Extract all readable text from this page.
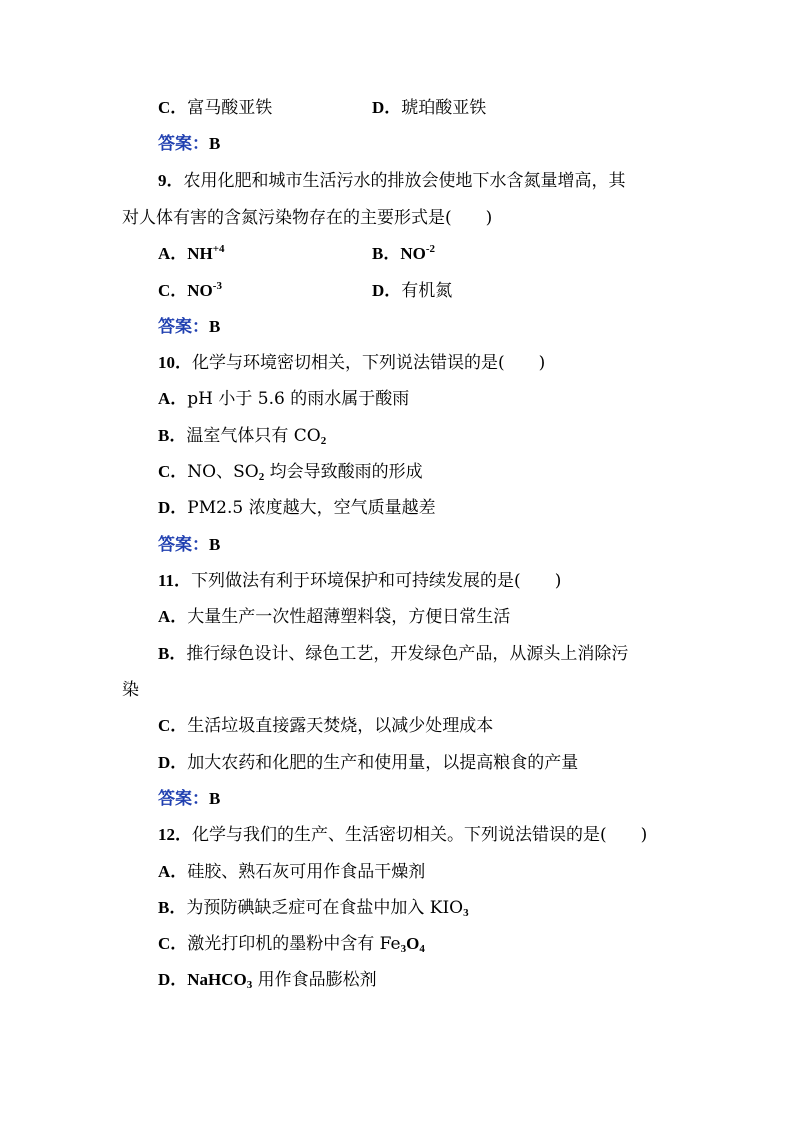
C．富马酸亚铁	D．琥珀酸亚铁
答案：B
9．农用化肥和城市生活污水的排放会使地下水含氮量增高，其
对人体有害的含氮污染物存在的主要形式是(　　)
A．$NH^{+4}$	B．$NO^{-2}$
C．$NO^{-3}$	D．有机氮
答案：B
10．化学与环境密切相关，下列说法错误的是(　　)
A．pH 小于 5.6 的雨水属于酸雨
B．温室气体只有 $CO_2$
C．NO、$SO_2$ 均会导致酸雨的形成
D．PM2.5 浓度越大，空气质量越差
答案：B
11．下列做法有利于环境保护和可持续发展的是(　　)
A．大量生产一次性超薄塑料袋，方便日常生活
B．推行绿色设计、绿色工艺，开发绿色产品，从源头上消除污
染
C．生活垃圾直接露天焚烧，以减少处理成本
D．加大农药和化肥的生产和使用量，以提高粮食的产量
答案：B
12．化学与我们的生产、生活密切相关。下列说法错误的是(　　)
A．硅胶、熟石灰可用作食品干燥剂
B．为预防碘缺乏症可在食盐中加入 $KIO_3$
C．激光打印机的墨粉中含有 $Fe_3O_4$
D．NaHCO$_3$ 用作食品膨松剂
